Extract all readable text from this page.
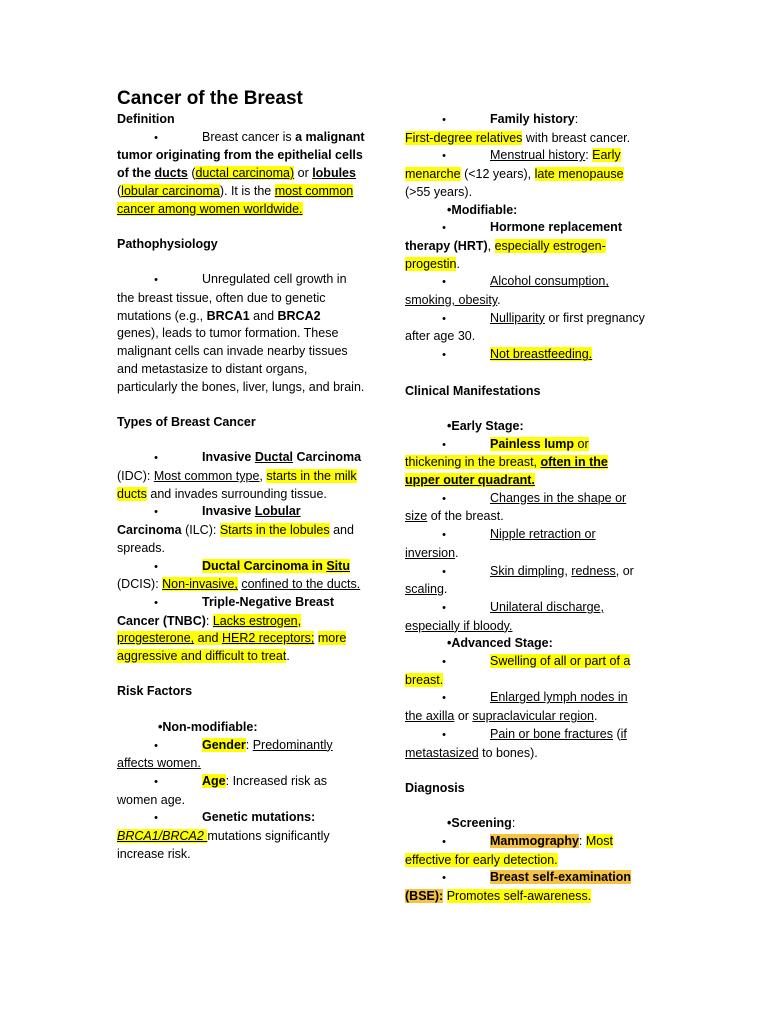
Cancer of the Breast

Definition

•	Breast cancer is a malignant tumor originating from the epithelial cells of the ducts (ductal carcinoma) or lobules (lobular carcinoma). It is the most common cancer among women worldwide.

Pathophysiology

•	Unregulated cell growth in the breast tissue, often due to genetic mutations (e.g., BRCA1 and BRCA2 genes), leads to tumor formation. These malignant cells can invade nearby tissues and metastasize to distant organs, particularly the bones, liver, lungs, and brain.

Types of Breast Cancer

•	Invasive Ductal Carcinoma (IDC): Most common type, starts in the milk ducts and invades surrounding tissue.

•	Invasive Lobular Carcinoma (ILC): Starts in the lobules and spreads.

•	Ductal Carcinoma in Situ (DCIS): Non-invasive, confined to the ducts.

•	Triple-Negative Breast Cancer (TNBC): Lacks estrogen, progesterone, and HER2 receptors; more aggressive and difficult to treat.

Risk Factors

•Non-modifiable:

•	Gender: Predominantly affects women.

•	Age: Increased risk as women age.

•	Genetic mutations:
BRCA1/BRCA2 mutations significantly increase risk.

•	Family history:
First-degree relatives with breast cancer.

•	Menstrual history: Early menarche (<12 years), late menopause (>55 years).

•Modifiable:

•	Hormone replacement therapy (HRT), especially estrogen-progestin.

•	Alcohol consumption, smoking, obesity.

•	Nulliparity or first pregnancy after age 30.

•	Not breastfeeding.

Clinical Manifestations

•Early Stage:

•	Painless lump or thickening in the breast, often in the upper outer quadrant.

•	Changes in the shape or size of the breast.

•	Nipple retraction or inversion.

•	Skin dimpling, redness, or scaling.

•	Unilateral discharge, especially if bloody.

•Advanced Stage:

•	Swelling of all or part of a breast.

•	Enlarged lymph nodes in the axilla or supraclavicular region.

•	Pain or bone fractures (if metastasized to bones).

Diagnosis

•Screening:

•	Mammography: Most effective for early detection.

•	Breast self-examination (BSE): Promotes self-awareness.
